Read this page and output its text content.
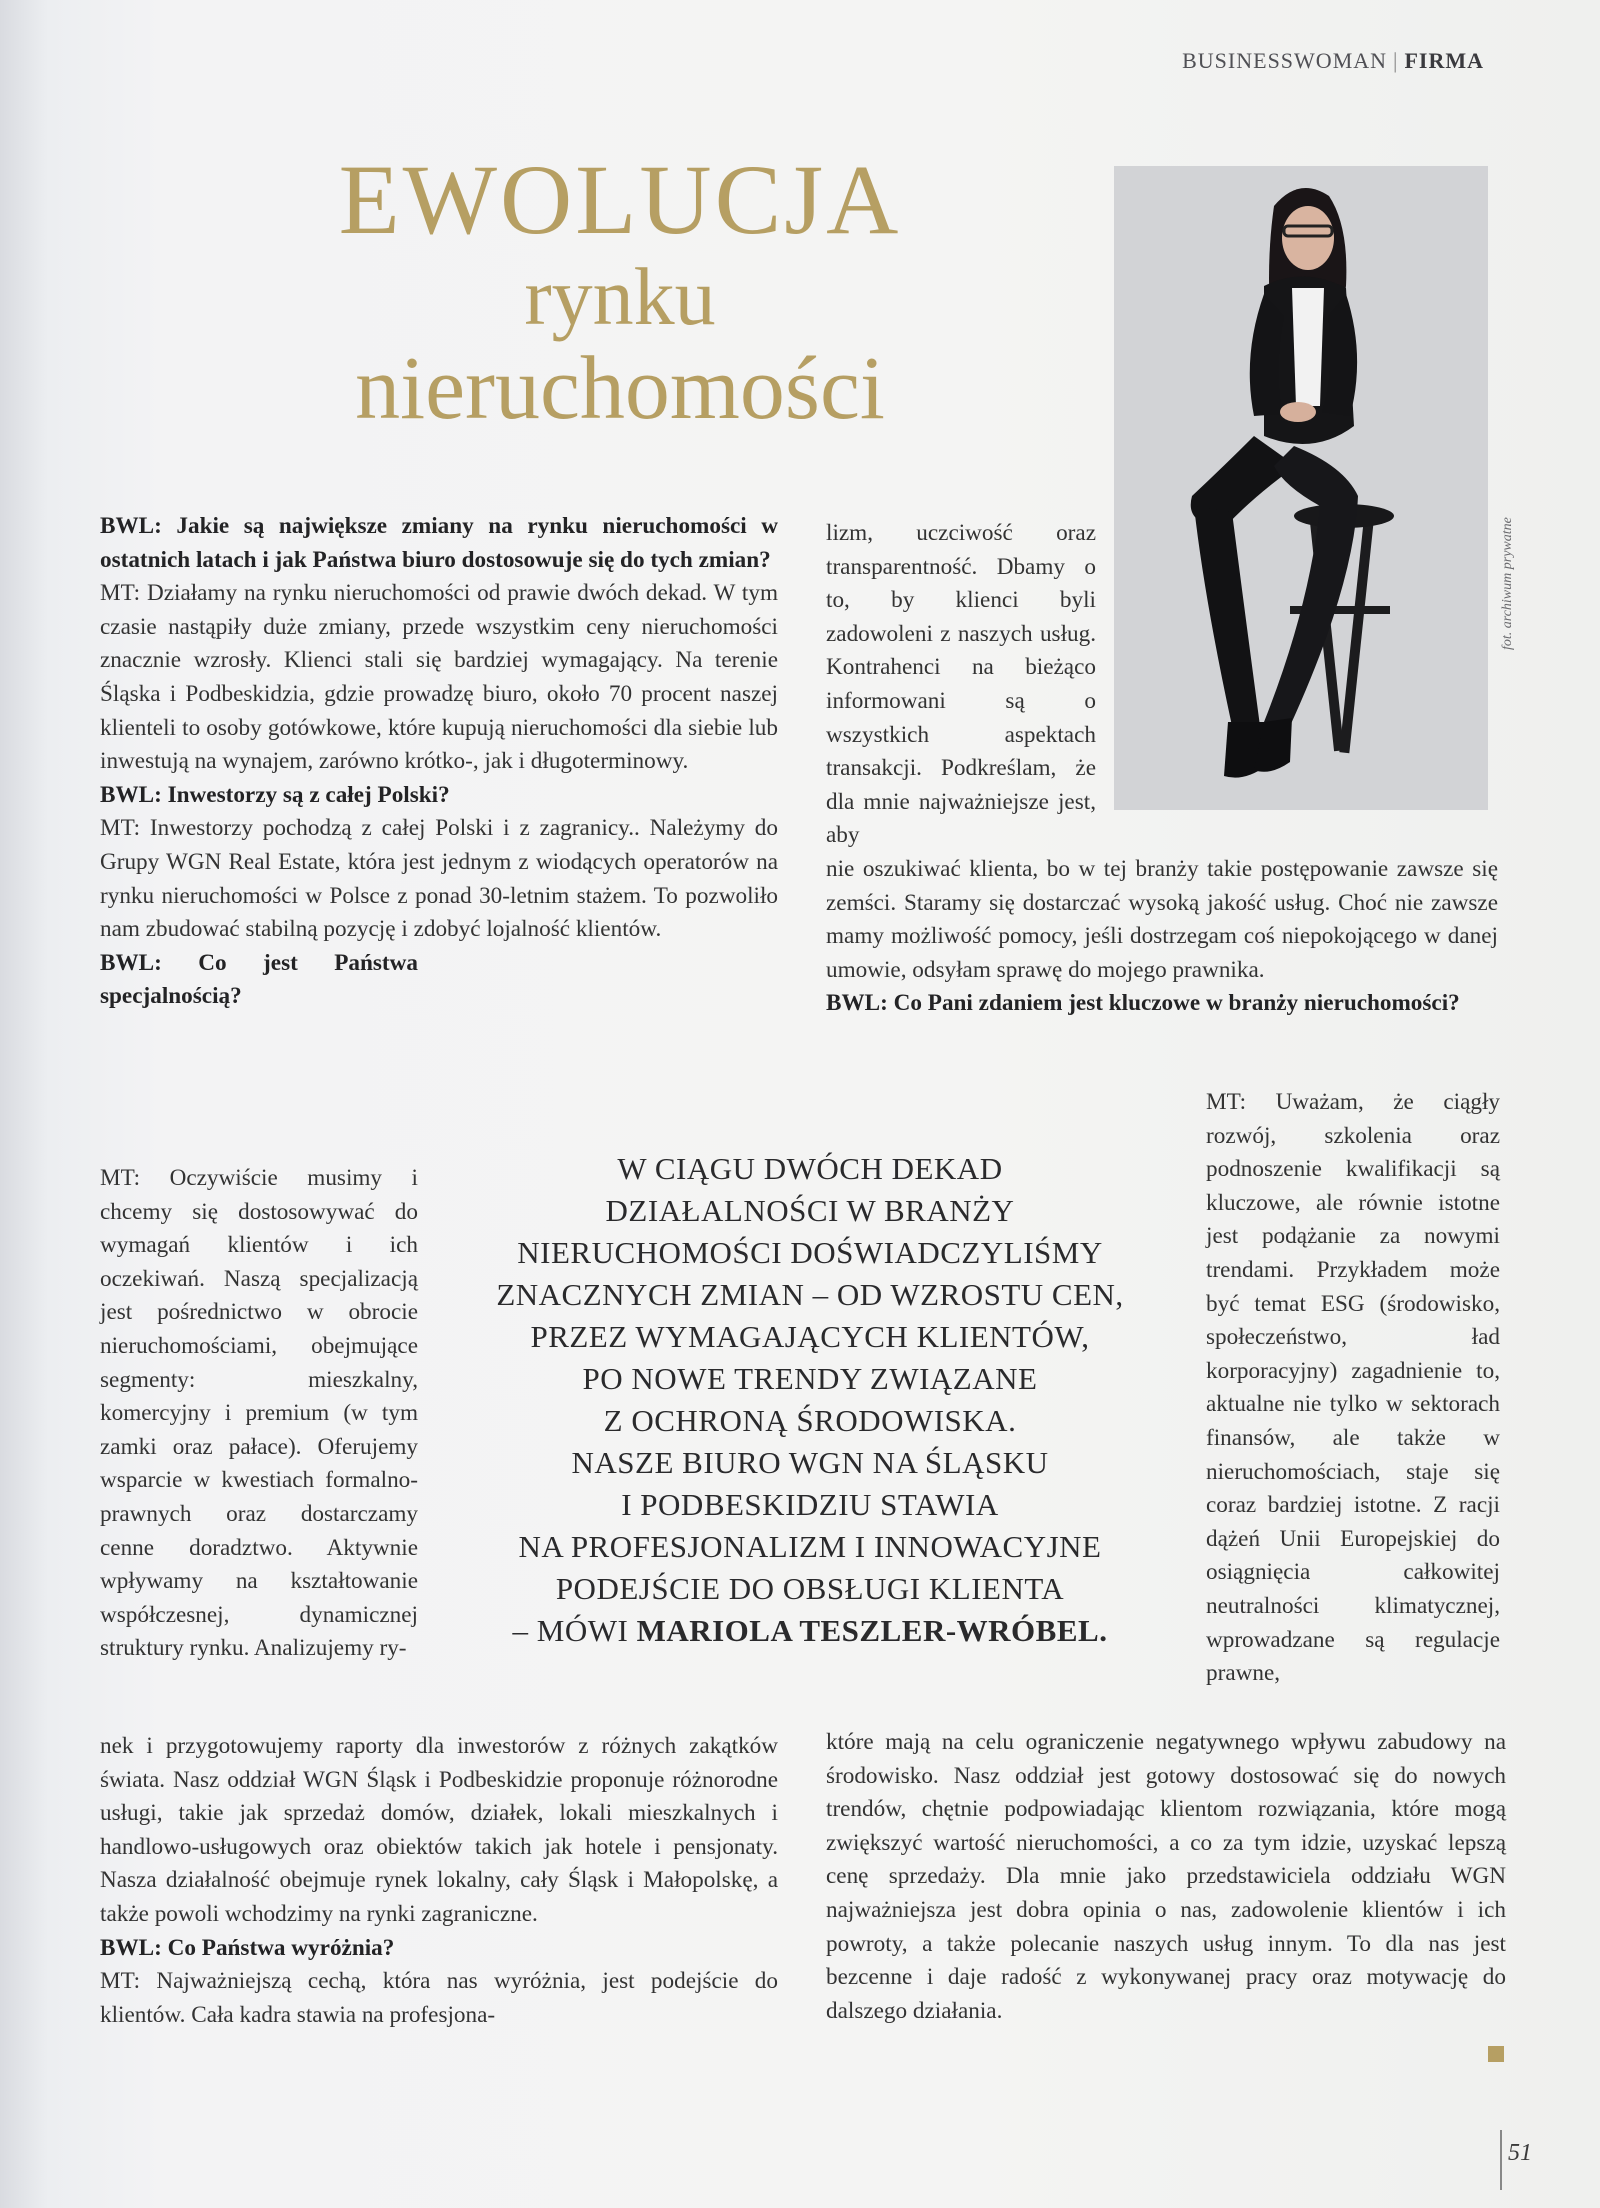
BUSINESSWOMAN | FIRMA
EWOLUCJA
rynku
nieruchomości
fot. archiwum prywatne

BWL: Jakie są największe zmiany na rynku nieruchomości w ostatnich latach i jak Państwa biuro dostosowuje się do tych zmian?

MT: Działamy na rynku nieruchomości od prawie dwóch dekad. W tym czasie nastąpiły duże zmiany, przede wszystkim ceny nieruchomości znacznie wzrosły. Klienci stali się bardziej wymagający. Na terenie Śląska i Podbeskidzia, gdzie prowadzę biuro, około 70 procent naszej klienteli to osoby gotówkowe, które kupują nieruchomości dla siebie lub inwestują na wynajem, zarówno krótko-, jak i długoterminowy.

BWL: Inwestorzy są z całej Polski?

MT: Inwestorzy pochodzą z całej Polski i z zagranicy.. Należymy do Grupy WGN Real Estate, która jest jednym z wiodących operatorów na rynku nieruchomości w Polsce z ponad 30-letnim stażem. To pozwoliło nam zbudować stabilną pozycję i zdobyć lojalność klientów.

BWL: Co jest Państwa specjalnością?

lizm, uczciwość oraz transparentność. Dbamy o to, by klienci byli zadowoleni z naszych usług. Kontrahenci na bieżąco informowani są o wszystkich aspektach transakcji. Podkreślam, że dla mnie najważniejsze jest, aby

nie oszukiwać klienta, bo w tej branży takie postępowanie zawsze się zemści. Staramy się dostarczać wysoką jakość usług. Choć nie zawsze mamy możliwość pomocy, jeśli dostrzegam coś niepokojącego w danej umowie, odsyłam sprawę do mojego prawnika.

BWL: Co Pani zdaniem jest kluczowe w branży nieruchomości?

MT: Oczywiście musimy i chcemy się dostosowywać do wymagań klientów i ich oczekiwań. Naszą specjalizacją jest pośrednictwo w obrocie nieruchomościami, obejmujące segmenty: mieszkalny, komercyjny i premium (w tym zamki oraz pałace). Oferujemy wsparcie w kwestiach formalno-prawnych oraz dostarczamy cenne doradztwo. Aktywnie wpływamy na kształtowanie współczesnej, dynamicznej struktury rynku. Analizujemy ry-

W CIĄGU DWÓCH DEKAD
DZIAŁALNOŚCI W BRANŻY
NIERUCHOMOŚCI DOŚWIADCZYLIŚMY
ZNACZNYCH ZMIAN – OD WZROSTU CEN,
PRZEZ WYMAGAJĄCYCH KLIENTÓW,
PO NOWE TRENDY ZWIĄZANE
Z OCHRONĄ ŚRODOWISKA.
NASZE BIURO WGN NA ŚLĄSKU
I PODBESKIDZIU STAWIA
NA PROFESJONALIZM I INNOWACYJNE
PODEJŚCIE DO OBSŁUGI KLIENTA
– MÓWI MARIOLA TESZLER-WRÓBEL.

MT: Uważam, że ciągły rozwój, szkolenia oraz podnoszenie kwalifikacji są kluczowe, ale równie istotne jest podążanie za nowymi trendami. Przykładem może być temat ESG (środowisko, społeczeństwo, ład korporacyjny) zagadnienie to, aktualne nie tylko w sektorach finansów, ale także w nieruchomościach, staje się coraz bardziej istotne. Z racji dążeń Unii Europejskiej do osiągnięcia całkowitej neutralności klimatycznej, wprowadzane są regulacje prawne,

nek i przygotowujemy raporty dla inwestorów z różnych zakątków świata. Nasz oddział WGN Śląsk i Podbeskidzie proponuje różnorodne usługi, takie jak sprzedaż domów, działek, lokali mieszkalnych i handlowo-usługowych oraz obiektów takich jak hotele i pensjonaty. Nasza działalność obejmuje rynek lokalny, cały Śląsk i Małopolskę, a także powoli wchodzimy na rynki zagraniczne.

BWL: Co Państwa wyróżnia?

MT: Najważniejszą cechą, która nas wyróżnia, jest podejście do klientów. Cała kadra stawia na profesjona-

które mają na celu ograniczenie negatywnego wpływu zabudowy na środowisko. Nasz oddział jest gotowy dostosować się do nowych trendów, chętnie podpowiadając klientom rozwiązania, które mogą zwiększyć wartość nieruchomości, a co za tym idzie, uzyskać lepszą cenę sprzedaży. Dla mnie jako przedstawiciela oddziału WGN najważniejsza jest dobra opinia o nas, zadowolenie klientów i ich powroty, a także polecanie naszych usług innym. To dla nas jest bezcenne i daje radość z wykonywanej pracy oraz motywację do dalszego działania.

51
